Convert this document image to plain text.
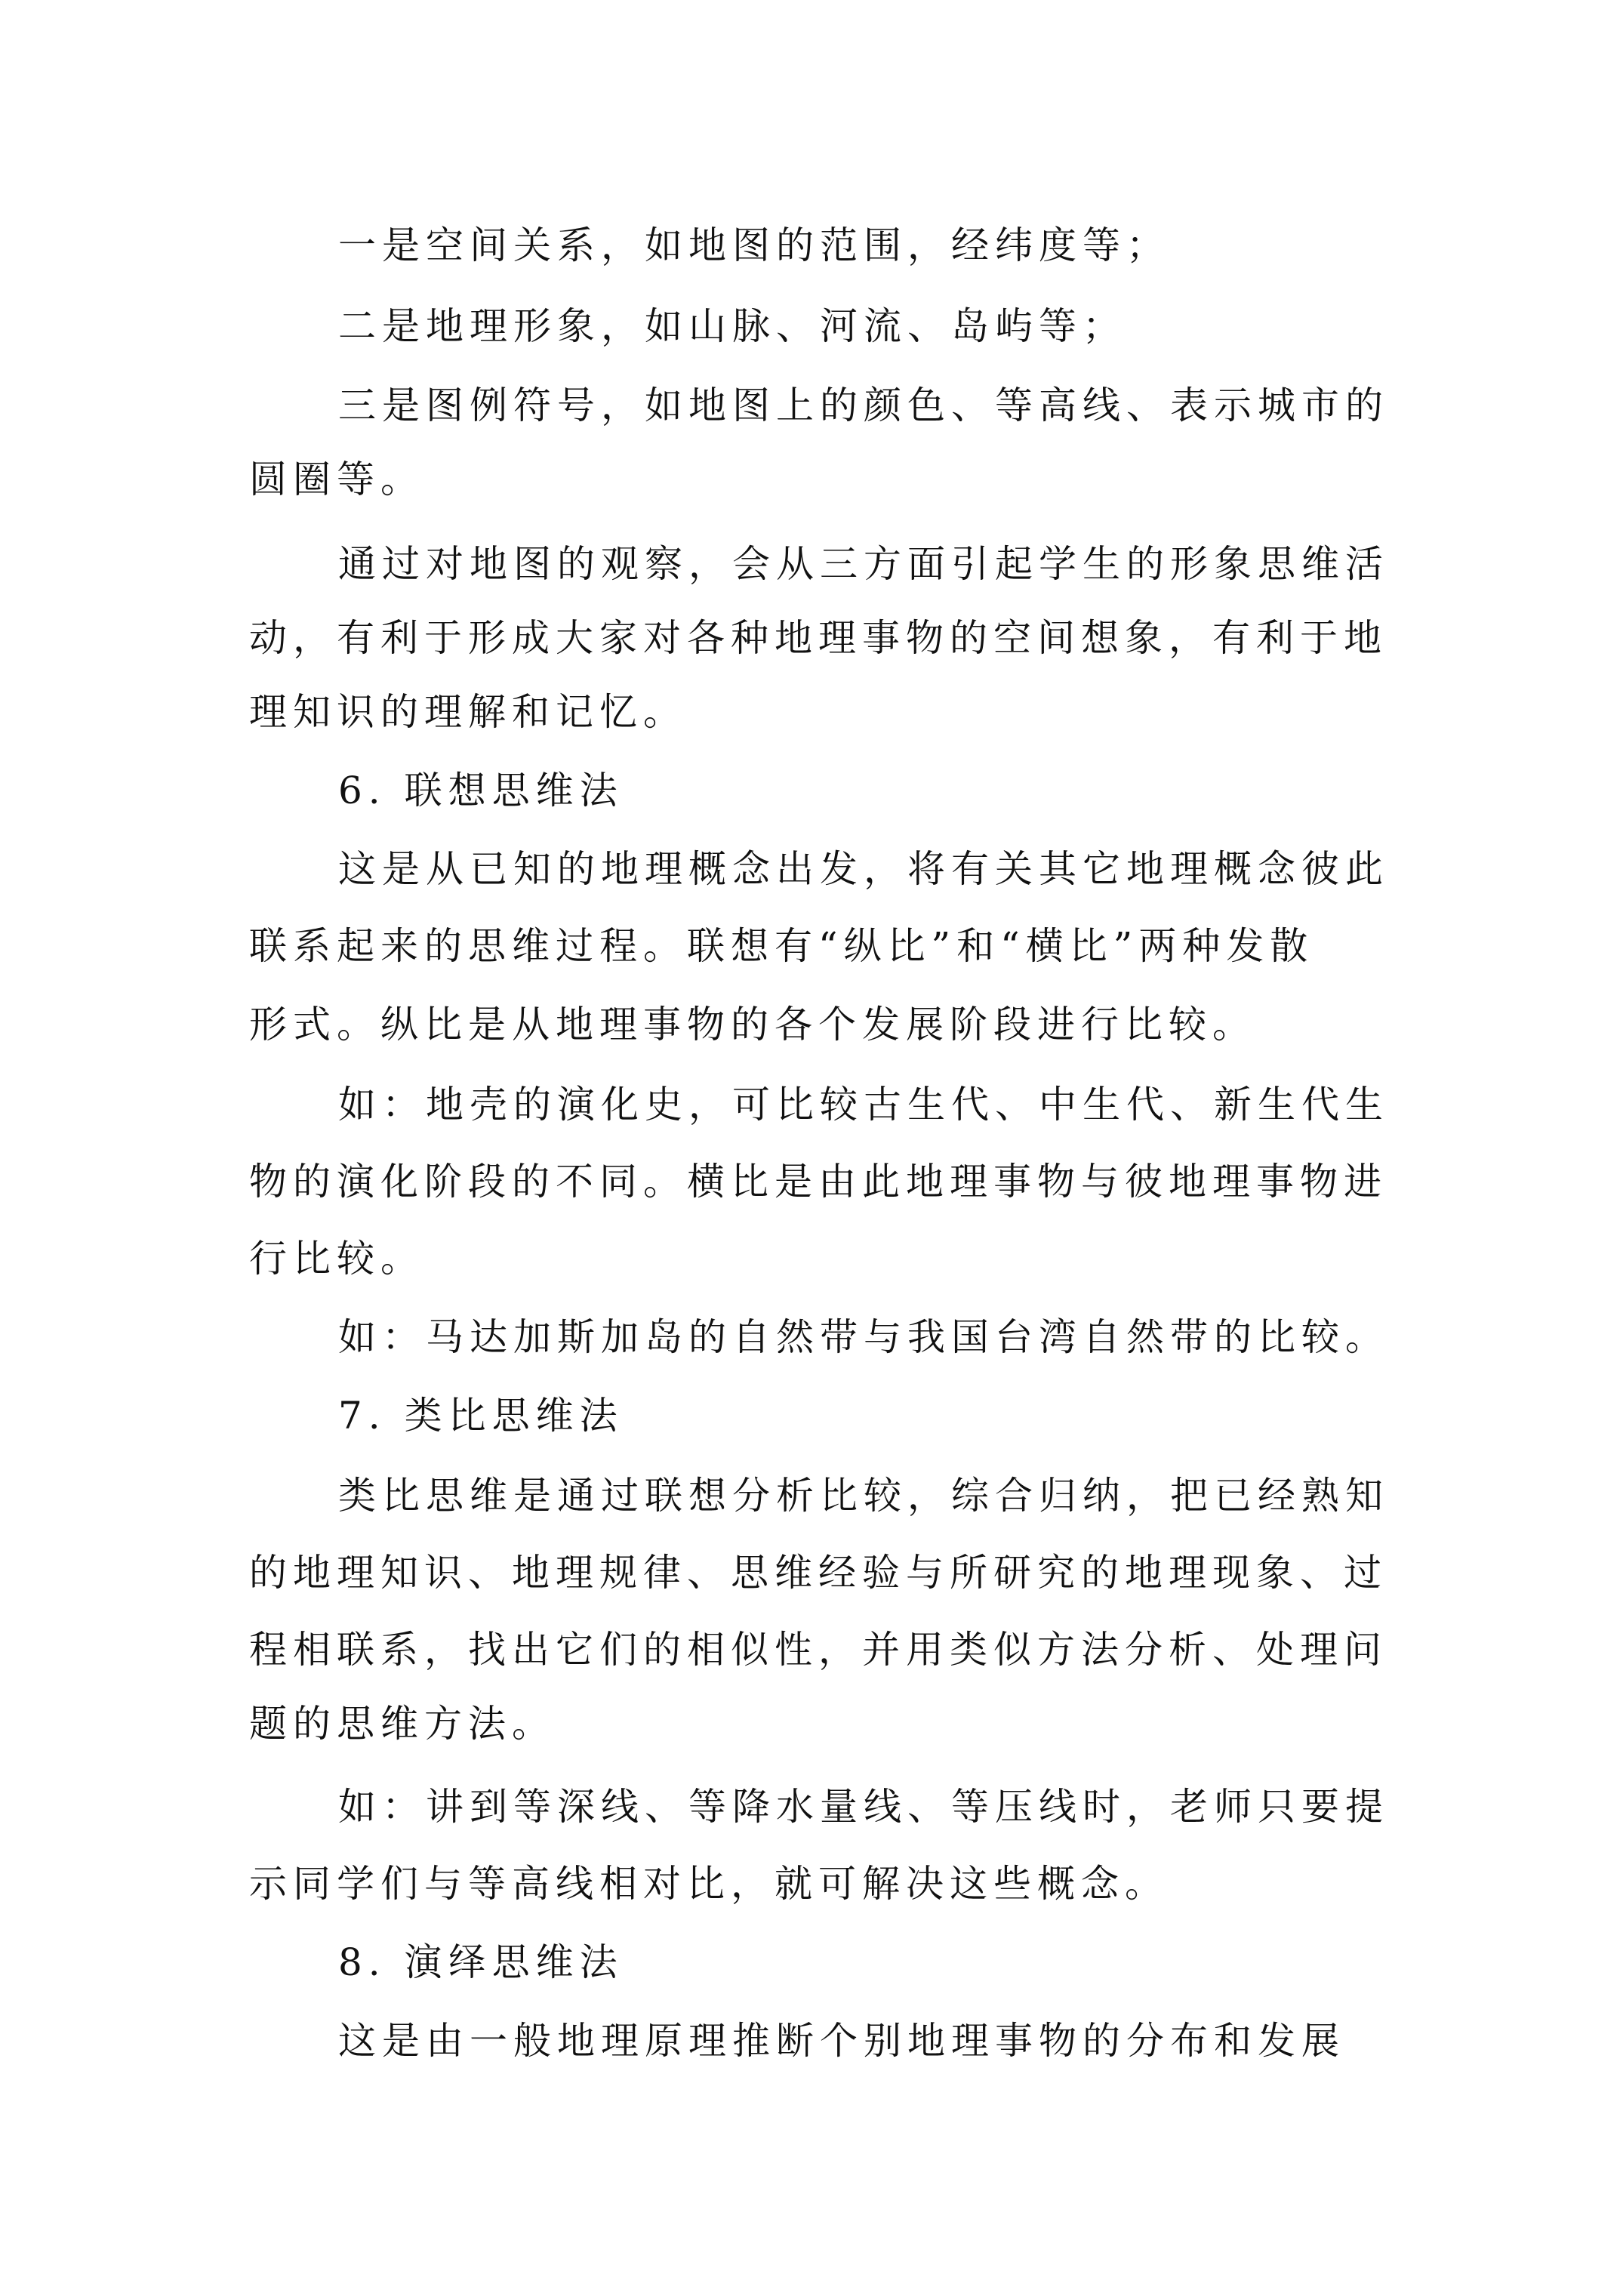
一是空间关系，如地图的范围，经纬度等；

二是地理形象，如山脉、河流、岛屿等；

三是图例符号，如地图上的颜色、等高线、表示城市的

圆圈等。

通过对地图的观察，会从三方面引起学生的形象思维活

动，有利于形成大家对各种地理事物的空间想象，有利于地

理知识的理解和记忆。

6. 联想思维法

这是从已知的地理概念出发，将有关其它地理概念彼此

联系起来的思维过程。联想有“纵比”和“横比”两种发散

形式。纵比是从地理事物的各个发展阶段进行比较。

如：地壳的演化史，可比较古生代、中生代、新生代生

物的演化阶段的不同。横比是由此地理事物与彼地理事物进

行比较。

如：马达加斯加岛的自然带与我国台湾自然带的比较。

7. 类比思维法

类比思维是通过联想分析比较，综合归纳，把已经熟知

的地理知识、地理规律、思维经验与所研究的地理现象、过

程相联系，找出它们的相似性，并用类似方法分析、处理问

题的思维方法。

如：讲到等深线、等降水量线、等压线时，老师只要提

示同学们与等高线相对比，就可解决这些概念。

8. 演绎思维法

这是由一般地理原理推断个别地理事物的分布和发展
